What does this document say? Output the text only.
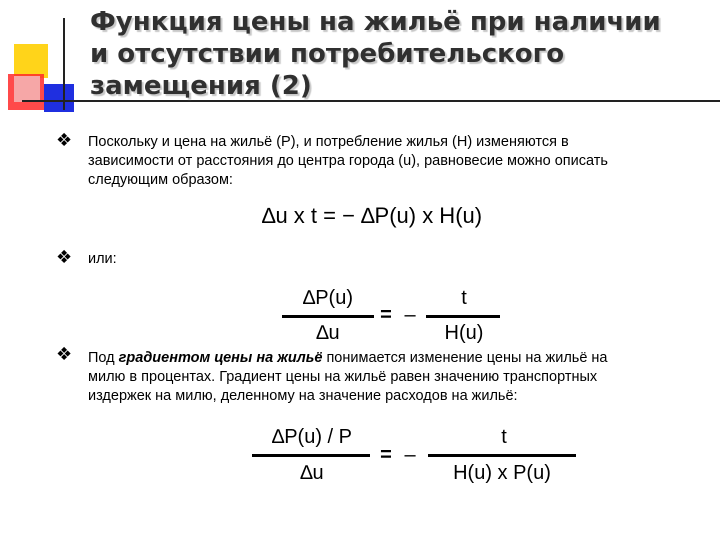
Функция цены на жильё при наличии
и отсутствии потребительского
замещения (2)
❖	Поскольку и цена на жильё (P), и потребление жилья (H) изменяются в
зависимости от расстояния до центра города (u), равновесие можно описать
следующим образом:
∆u x t = − ∆P(u) x H(u)
❖	или:
∆P(u)
∆u
= –
t
H(u)
❖	Под градиентом цены на жильё понимается изменение цены на жильё на
милю в процентах. Градиент цены на жильё равен значению транспортных
издержек на милю, деленному на значение расходов на жильё:
∆P(u) / P
∆u
= –
t
H(u) x P(u)
